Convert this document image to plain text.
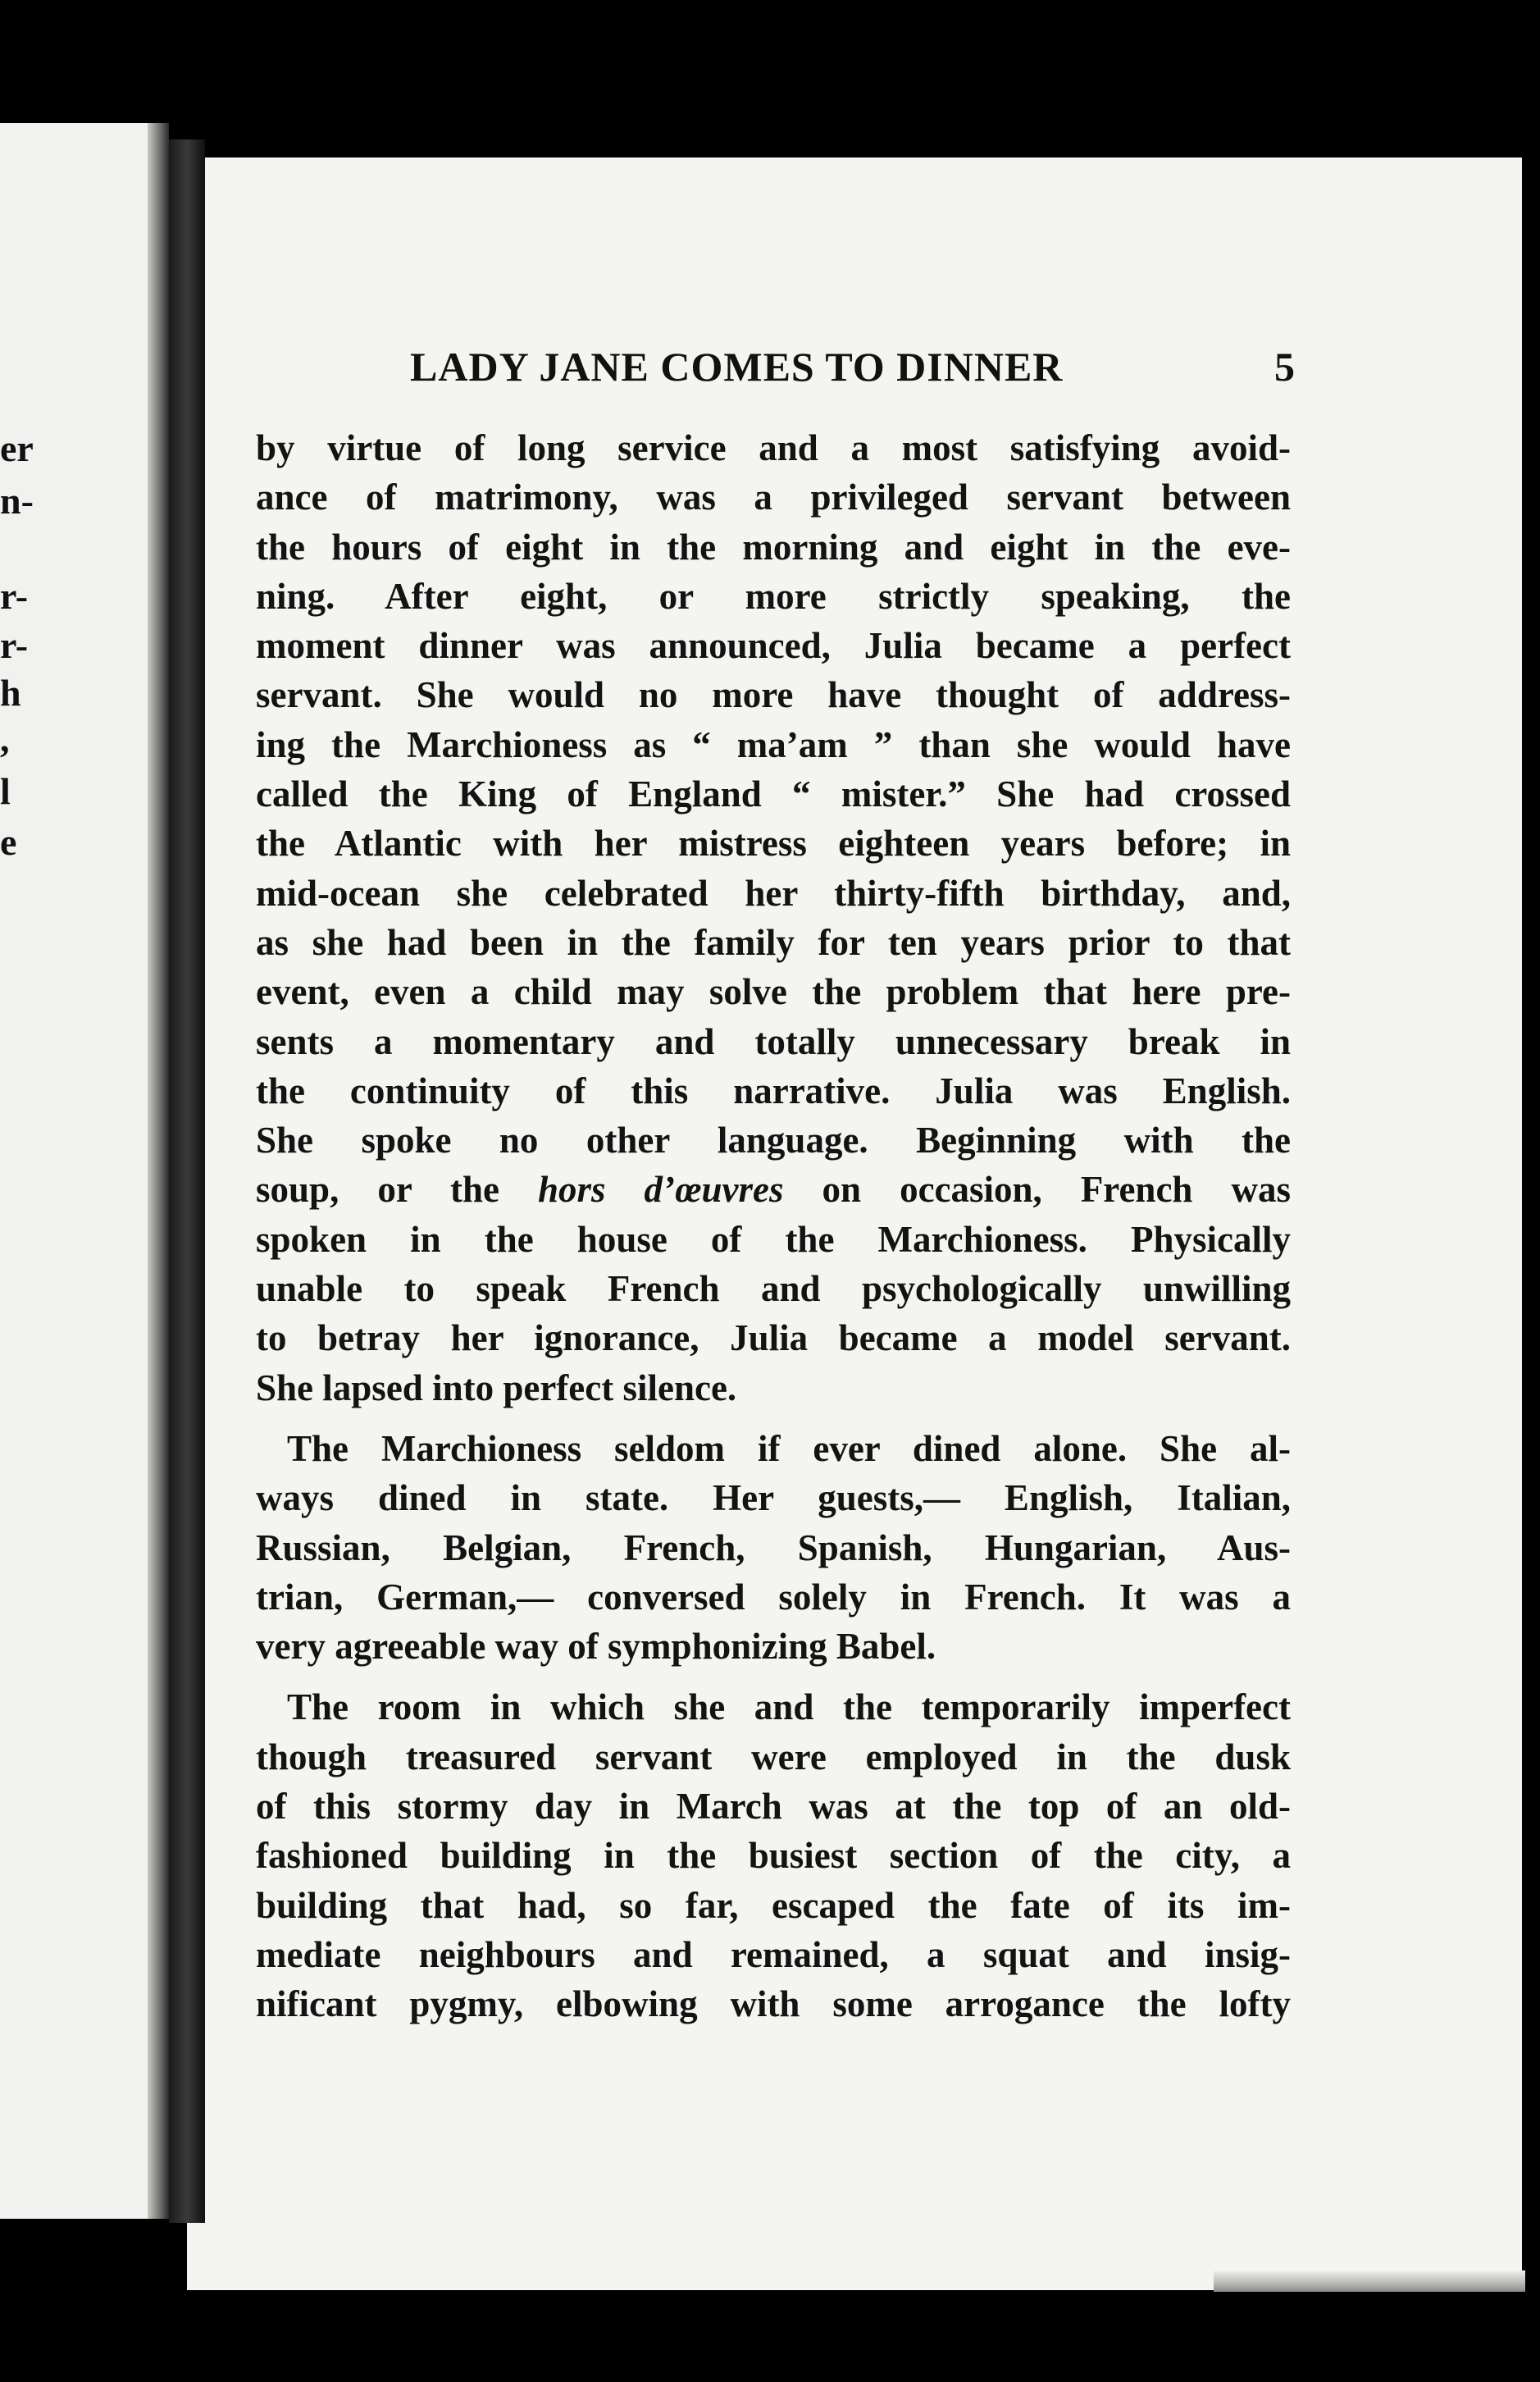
er
n-
r-
r-
h
,
l
e
LADY JANE COMES TO DINNER	5
by virtue of long service and a most satisfying avoid-
ance of matrimony, was a privileged servant between
the hours of eight in the morning and eight in the eve-
ning. After eight, or more strictly speaking, the
moment dinner was announced, Julia became a perfect
servant. She would no more have thought of address-
ing the Marchioness as “ ma’am ” than she would have
called the King of England “ mister.” She had crossed
the Atlantic with her mistress eighteen years before; in
mid-ocean she celebrated her thirty-fifth birthday, and,
as she had been in the family for ten years prior to that
event, even a child may solve the problem that here pre-
sents a momentary and totally unnecessary break in
the continuity of this narrative. Julia was English.
She spoke no other language. Beginning with the
soup, or the hors d’œuvres on occasion, French was
spoken in the house of the Marchioness. Physically
unable to speak French and psychologically unwilling
to betray her ignorance, Julia became a model servant.
She lapsed into perfect silence.
The Marchioness seldom if ever dined alone. She al-
ways dined in state. Her guests,— English, Italian,
Russian, Belgian, French, Spanish, Hungarian, Aus-
trian, German,— conversed solely in French. It was a
very agreeable way of symphonizing Babel.
The room in which she and the temporarily imperfect
though treasured servant were employed in the dusk
of this stormy day in March was at the top of an old-
fashioned building in the busiest section of the city, a
building that had, so far, escaped the fate of its im-
mediate neighbours and remained, a squat and insig-
nificant pygmy, elbowing with some arrogance the lofty
